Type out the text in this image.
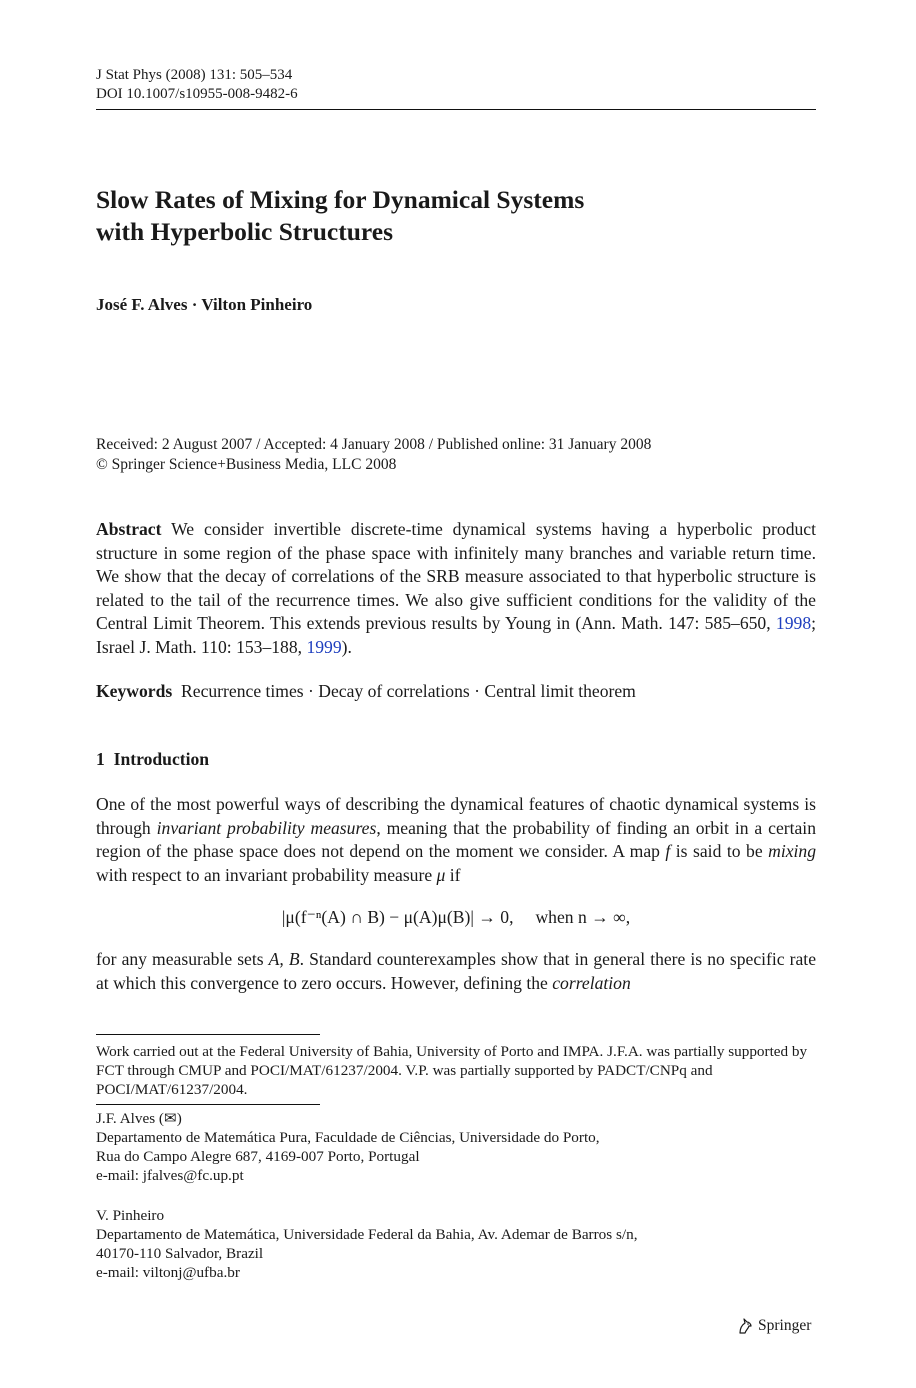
J Stat Phys (2008) 131: 505–534
DOI 10.1007/s10955-008-9482-6
Slow Rates of Mixing for Dynamical Systems
with Hyperbolic Structures
José F. Alves · Vilton Pinheiro
Received: 2 August 2007 / Accepted: 4 January 2008 / Published online: 31 January 2008
© Springer Science+Business Media, LLC 2008

Abstract We consider invertible discrete-time dynamical systems having a hyperbolic product structure in some region of the phase space with infinitely many branches and variable return time. We show that the decay of correlations of the SRB measure associated to that hyperbolic structure is related to the tail of the recurrence times. We also give sufficient conditions for the validity of the Central Limit Theorem. This extends previous results by Young in (Ann. Math. 147: 585–650, 1998; Israel J. Math. 110: 153–188, 1999).

Keywords Recurrence times · Decay of correlations · Central limit theorem
1 Introduction

One of the most powerful ways of describing the dynamical features of chaotic dynamical systems is through invariant probability measures, meaning that the probability of finding an orbit in a certain region of the phase space does not depend on the moment we consider. A map f is said to be mixing with respect to an invariant probability measure μ if

|μ(f⁻ⁿ(A) ∩ B) − μ(A)μ(B)| → 0,     when n → ∞,

for any measurable sets A, B. Standard counterexamples show that in general there is no specific rate at which this convergence to zero occurs. However, defining the correlation

Work carried out at the Federal University of Bahia, University of Porto and IMPA. J.F.A. was partially supported by FCT through CMUP and POCI/MAT/61237/2004. V.P. was partially supported by PADCT/CNPq and POCI/MAT/61237/2004.
J.F. Alves (✉)
Departamento de Matemática Pura, Faculdade de Ciências, Universidade do Porto,
Rua do Campo Alegre 687, 4169-007 Porto, Portugal
e-mail: jfalves@fc.up.pt
V. Pinheiro
Departamento de Matemática, Universidade Federal da Bahia, Av. Ademar de Barros s/n,
40170-110 Salvador, Brazil
e-mail: viltonj@ufba.br
Springer
